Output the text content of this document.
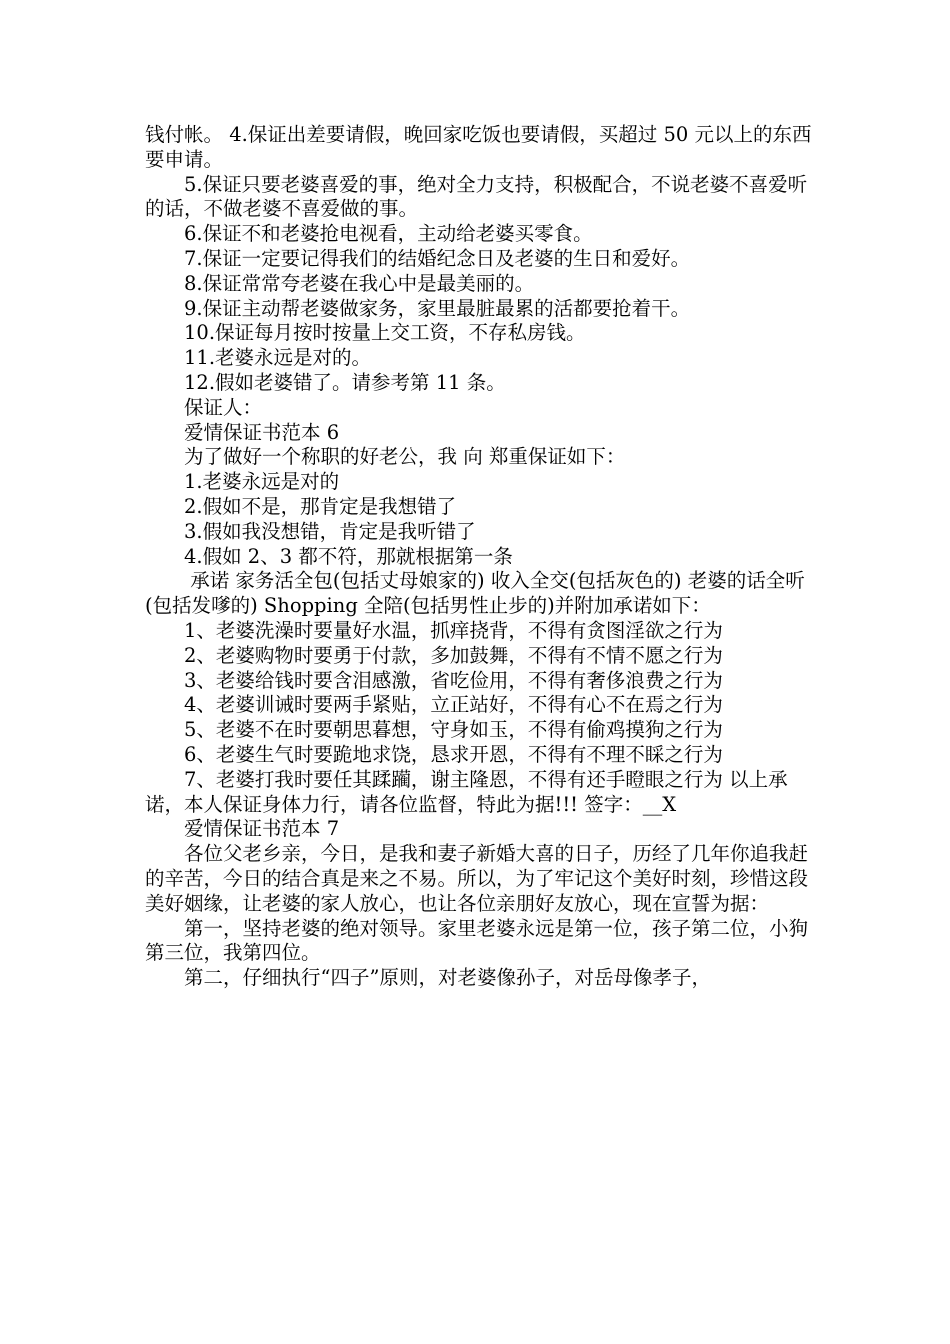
钱付帐。 4.保证出差要请假，晚回家吃饭也要请假，买超过 50 元以上的东西要申请。

5.保证只要老婆喜爱的事，绝对全力支持，积极配合，不说老婆不喜爱听的话，不做老婆不喜爱做的事。

6.保证不和老婆抢电视看，主动给老婆买零食。

7.保证一定要记得我们的结婚纪念日及老婆的生日和爱好。

8.保证常常夸老婆在我心中是最美丽的。

9.保证主动帮老婆做家务，家里最脏最累的活都要抢着干。

10.保证每月按时按量上交工资，不存私房钱。

11.老婆永远是对的。

12.假如老婆错了。请参考第 11 条。

保证人：

爱情保证书范本 6

为了做好一个称职的好老公，我 向 郑重保证如下：

1.老婆永远是对的

2.假如不是，那肯定是我想错了

3.假如我没想错，肯定是我听错了

4.假如 2、3 都不符，那就根据第一条

承诺 家务活全包(包括丈母娘家的) 收入全交(包括灰色的) 老婆的话全听(包括发嗲的) Shopping 全陪(包括男性止步的)并附加承诺如下：

1、老婆洗澡时要量好水温，抓痒挠背，不得有贪图淫欲之行为

2、老婆购物时要勇于付款，多加鼓舞，不得有不情不愿之行为

3、老婆给钱时要含泪感激，省吃俭用，不得有奢侈浪费之行为

4、老婆训诫时要两手紧贴，立正站好，不得有心不在焉之行为

5、老婆不在时要朝思暮想，守身如玉，不得有偷鸡摸狗之行为

6、老婆生气时要跪地求饶，恳求开恩，不得有不理不睬之行为

7、老婆打我时要任其蹂躏，谢主隆恩，不得有还手瞪眼之行为 以上承诺，本人保证身体力行，请各位监督，特此为据!!! 签字：__X

爱情保证书范本 7

各位父老乡亲，今日，是我和妻子新婚大喜的日子，历经了几年你追我赶的辛苦，今日的结合真是来之不易。所以，为了牢记这个美好时刻，珍惜这段美好姻缘，让老婆的家人放心，也让各位亲朋好友放心，现在宣誓为据：

第一，坚持老婆的绝对领导。家里老婆永远是第一位，孩子第二位，小狗第三位，我第四位。

第二，仔细执行“四子”原则，对老婆像孙子，对岳母像孝子，
